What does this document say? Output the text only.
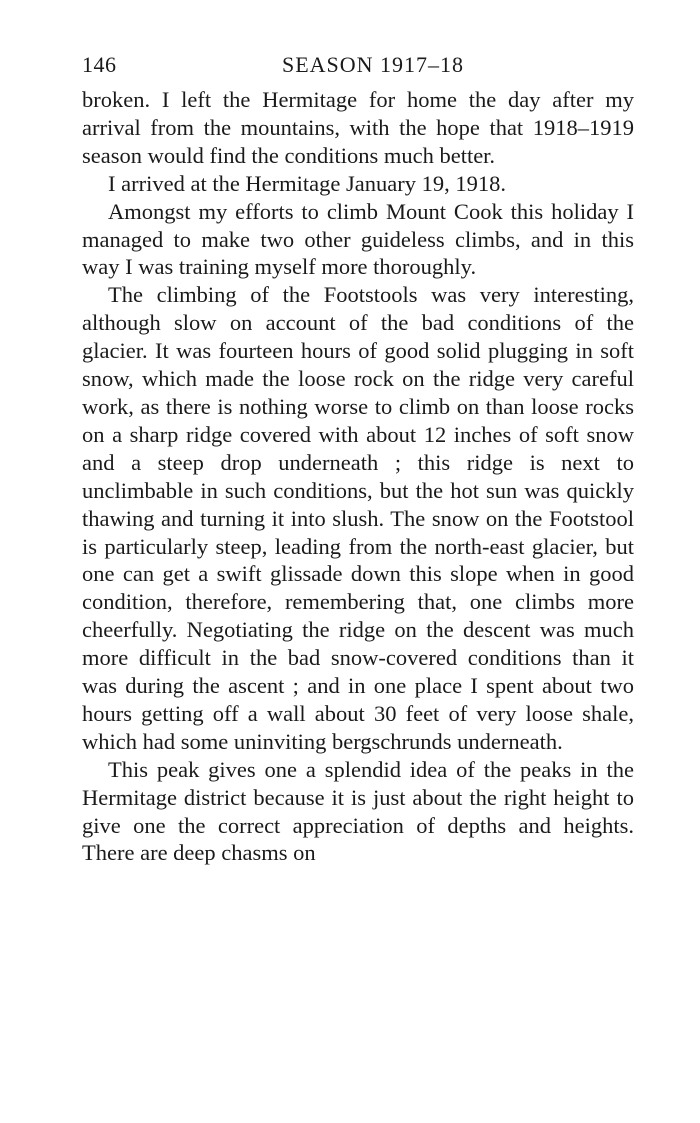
146	SEASON 1917–18

broken. I left the Hermitage for home the day after my arrival from the mountains, with the hope that 1918–1919 season would find the conditions much better.

I arrived at the Hermitage January 19, 1918.

Amongst my efforts to climb Mount Cook this holiday I managed to make two other guideless climbs, and in this way I was training myself more thoroughly.

The climbing of the Footstools was very interesting, although slow on account of the bad conditions of the glacier. It was fourteen hours of good solid plugging in soft snow, which made the loose rock on the ridge very careful work, as there is nothing worse to climb on than loose rocks on a sharp ridge covered with about 12 inches of soft snow and a steep drop underneath ; this ridge is next to unclimbable in such conditions, but the hot sun was quickly thawing and turning it into slush. The snow on the Footstool is particularly steep, leading from the north-east glacier, but one can get a swift glissade down this slope when in good condition, therefore, remembering that, one climbs more cheerfully. Negotiating the ridge on the descent was much more difficult in the bad snow-covered conditions than it was during the ascent ; and in one place I spent about two hours getting off a wall about 30 feet of very loose shale, which had some uninviting bergschrunds underneath.

This peak gives one a splendid idea of the peaks in the Hermitage district because it is just about the right height to give one the correct appreciation of depths and heights. There are deep chasms on
